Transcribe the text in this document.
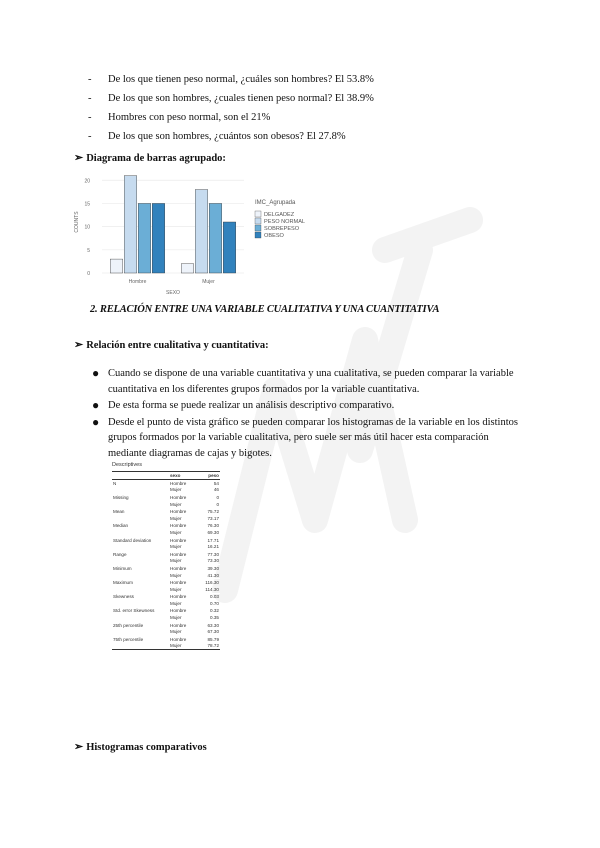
-	De los que tienen peso normal, ¿cuáles son hombres? El 53.8%
-	De los que son hombres, ¿cuales tienen peso normal? El 38.9%
-	Hombres con peso normal, son el 21%
-	De los que son hombres, ¿cuántos son obesos? El 27.8%
➢ Diagrama de barras agrupado:
0
5
10
15
20
COUNTS
Hombre	Mujer
SEXO
IMC_Agrupada
DELGADEZ
PESO NORMAL
SOBREPESO
OBESO
2. RELACIÓN ENTRE UNA VARIABLE CUALITATIVA Y UNA CUANTITATIVA
➢ Relación entre cualitativa y cuantitativa:
● Cuando se dispone de una variable cuantitativa y una cualitativa, se pueden comparar la variable cuantitativa en los diferentes grupos formados por la variable cuantitativa.
● De esta forma se puede realizar un análisis descriptivo comparativo.
● Desde el punto de vista gráfico se pueden comparar los histogramas de la variable en los distintos grupos formados por la variable cualitativa, pero suele ser más útil hacer esta comparación mediante diagramas de cajas y bigotes.
Descriptives
	sexo	peso
N	Hombre	54
	Mujer	46
Missing	Hombre	0
	Mujer	0
Mean	Hombre	75.72
	Mujer	73.17
Median	Hombre	76.30
	Mujer	69.30
Standard deviation	Hombre	17.71
	Mujer	16.21
Range	Hombre	77.30
	Mujer	73.30
Minimum	Hombre	39.30
	Mujer	41.30
Maximum	Hombre	116.30
	Mujer	114.30
Skewness	Hombre	0.03
	Mujer	0.70
Std. error Skewness	Hombre	0.32
	Mujer	0.35
25th percentile	Hombre	63.30
	Mujer	67.30
75th percentile	Hombre	85.79
	Mujer	78.72
➢ Histogramas comparativos
